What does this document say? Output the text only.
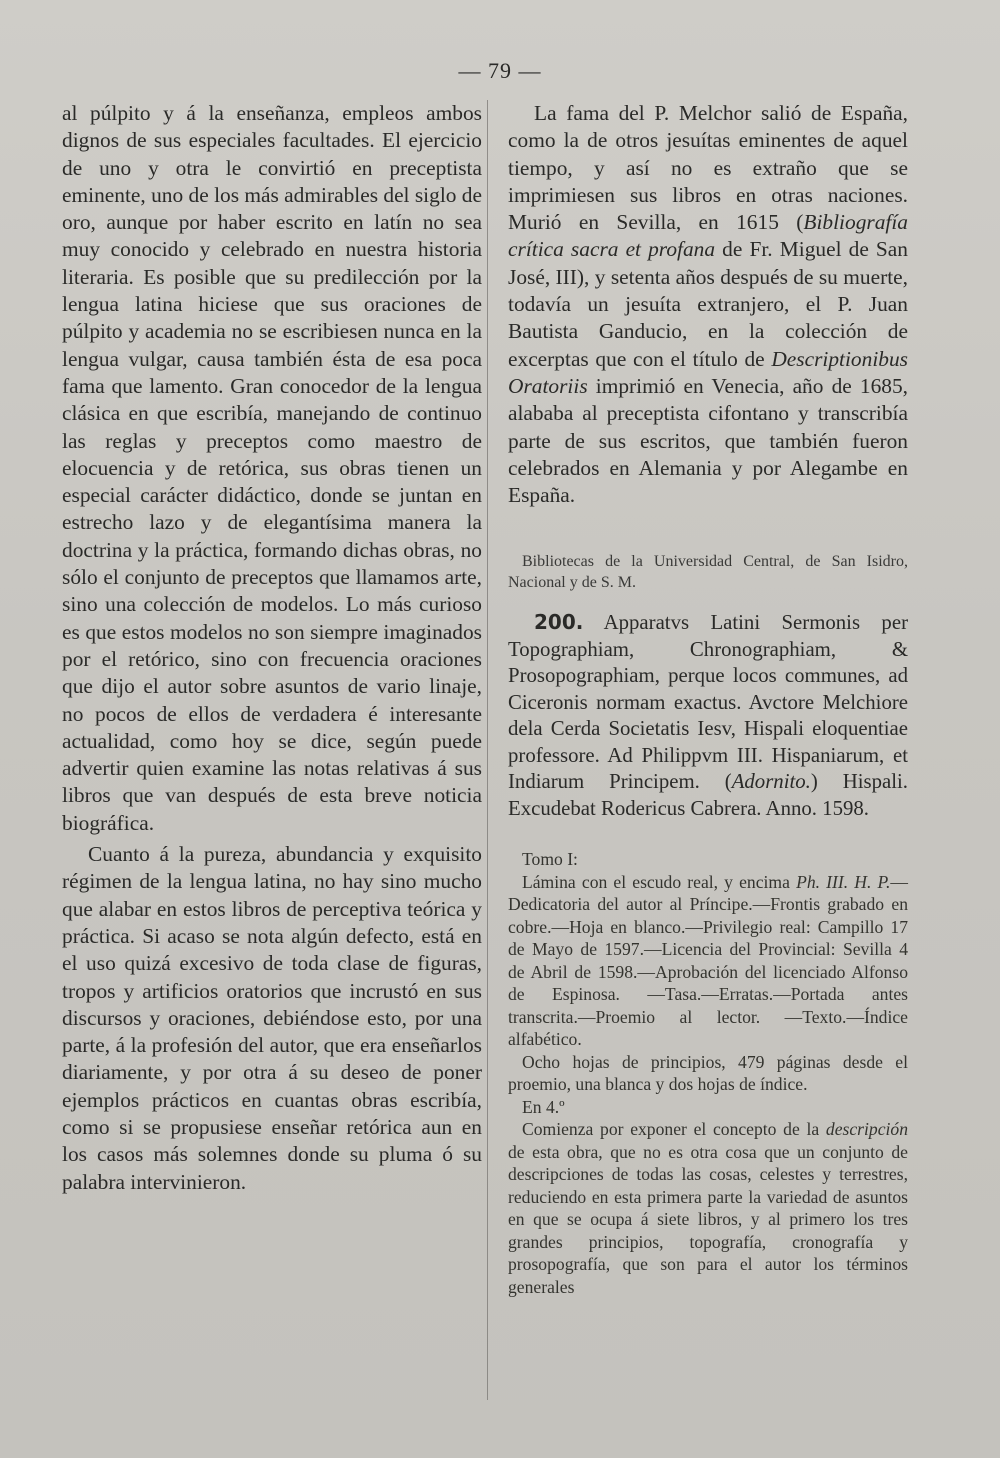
— 79 —

al púlpito y á la enseñanza, empleos ambos dignos de sus especiales facultades. El ejercicio de uno y otra le convirtió en preceptista eminente, uno de los más admirables del siglo de oro, aunque por haber escrito en latín no sea muy conocido y celebrado en nuestra historia literaria. Es posible que su predilección por la lengua latina hiciese que sus oraciones de púlpito y academia no se escribiesen nunca en la lengua vulgar, causa también ésta de esa poca fama que lamento. Gran conocedor de la lengua clásica en que escribía, manejando de continuo las reglas y preceptos como maestro de elocuencia y de retórica, sus obras tienen un especial carácter didáctico, donde se juntan en estrecho lazo y de elegantísima manera la doctrina y la práctica, formando dichas obras, no sólo el conjunto de preceptos que llamamos arte, sino una colección de modelos. Lo más curioso es que estos modelos no son siempre imaginados por el retórico, sino con frecuencia oraciones que dijo el autor sobre asuntos de vario linaje, no pocos de ellos de verdadera é interesante actualidad, como hoy se dice, según puede advertir quien examine las notas relativas á sus libros que van después de esta breve noticia biográfica.

Cuanto á la pureza, abundancia y exquisito régimen de la lengua latina, no hay sino mucho que alabar en estos libros de perceptiva teórica y práctica. Si acaso se nota algún defecto, está en el uso quizá excesivo de toda clase de figuras, tropos y artificios oratorios que incrustó en sus discursos y oraciones, debiéndose esto, por una parte, á la profesión del autor, que era enseñarlos diariamente, y por otra á su deseo de poner ejemplos prácticos en cuantas obras escribía, como si se propusiese enseñar retórica aun en los casos más solemnes donde su pluma ó su palabra intervinieron.

La fama del P. Melchor salió de España, como la de otros jesuítas eminentes de aquel tiempo, y así no es extraño que se imprimiesen sus libros en otras naciones. Murió en Sevilla, en 1615 (Bibliografía crítica sacra et profana de Fr. Miguel de San José, III), y setenta años después de su muerte, todavía un jesuíta extranjero, el P. Juan Bautista Ganducio, en la colección de excerptas que con el título de Descriptionibus Oratoriis imprimió en Venecia, año de 1685, alababa al preceptista cifontano y transcribía parte de sus escritos, que también fueron celebrados en Alemania y por Alegambe en España.

Bibliotecas de la Universidad Central, de San Isidro, Nacional y de S. M.

200. Apparatvs Latini Sermonis per Topographiam, Chronographiam, & Prosopographiam, perque locos communes, ad Ciceronis normam exactus. Avctore Melchiore dela Cerda Societatis Iesv, Hispali eloquentiae professore. Ad Philippvm III. Hispaniarum, et Indiarum Principem. (Adornito.) Hispali. Excudebat Rodericus Cabrera. Anno. 1598.

Tomo I:

Lámina con el escudo real, y encima Ph. III. H. P.—Dedicatoria del autor al Príncipe.—Frontis grabado en cobre.—Hoja en blanco.—Privilegio real: Campillo 17 de Mayo de 1597.—Licencia del Provincial: Sevilla 4 de Abril de 1598.—Aprobación del licenciado Alfonso de Espinosa. —Tasa.—Erratas.—Portada antes transcrita.—Proemio al lector. —Texto.—Índice alfabético.

Ocho hojas de principios, 479 páginas desde el proemio, una blanca y dos hojas de índice.

En 4.º

Comienza por exponer el concepto de la descripción de esta obra, que no es otra cosa que un conjunto de descripciones de todas las cosas, celestes y terrestres, reduciendo en esta primera parte la variedad de asuntos en que se ocupa á siete libros, y al primero los tres grandes principios, topografía, cronografía y prosopografía, que son para el autor los términos generales
